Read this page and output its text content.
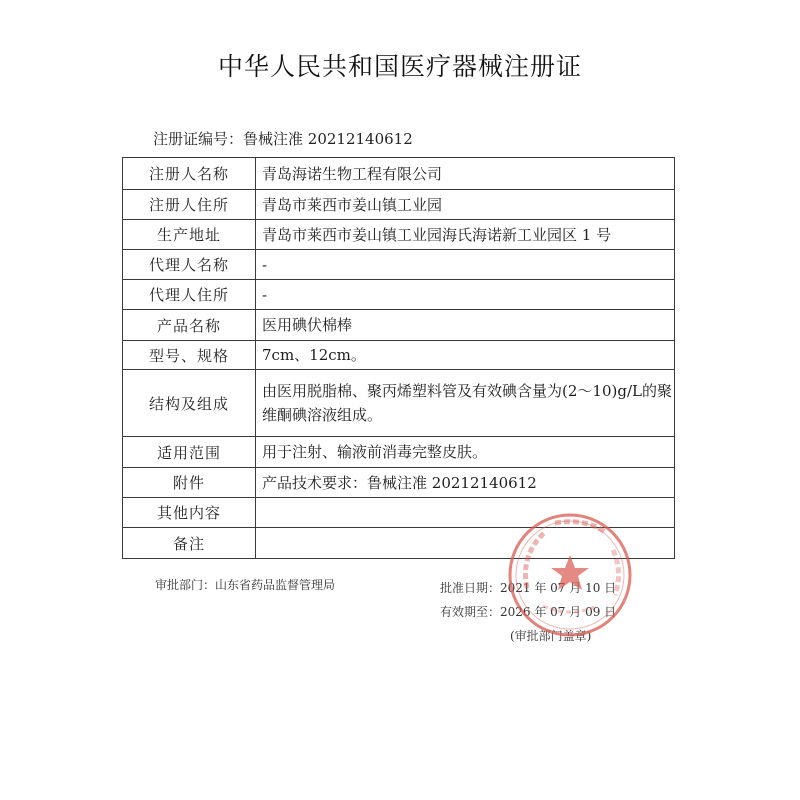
中华人民共和国医疗器械注册证
注册证编号：鲁械注准 20212140612
注册人名称	青岛海诺生物工程有限公司
注册人住所	青岛市莱西市姜山镇工业园
生产地址	青岛市莱西市姜山镇工业园海氏海诺新工业园区 1 号
代理人名称	-
代理人住所	-
产品名称	医用碘伏棉棒
型号、规格	7cm、12cm。
结构及组成	由医用脱脂棉、聚丙烯塑料管及有效碘含量为(2～10)g/L的聚维酮碘溶液组成。
适用范围	用于注射、输液前消毒完整皮肤。
附件	产品技术要求：鲁械注准 20212140612
其他内容	
备注	
审批部门：山东省药品监督管理局	批准日期：2021 年 07 月 10 日
有效期至：2026 年 07 月 09 日
(审批部门盖章)
